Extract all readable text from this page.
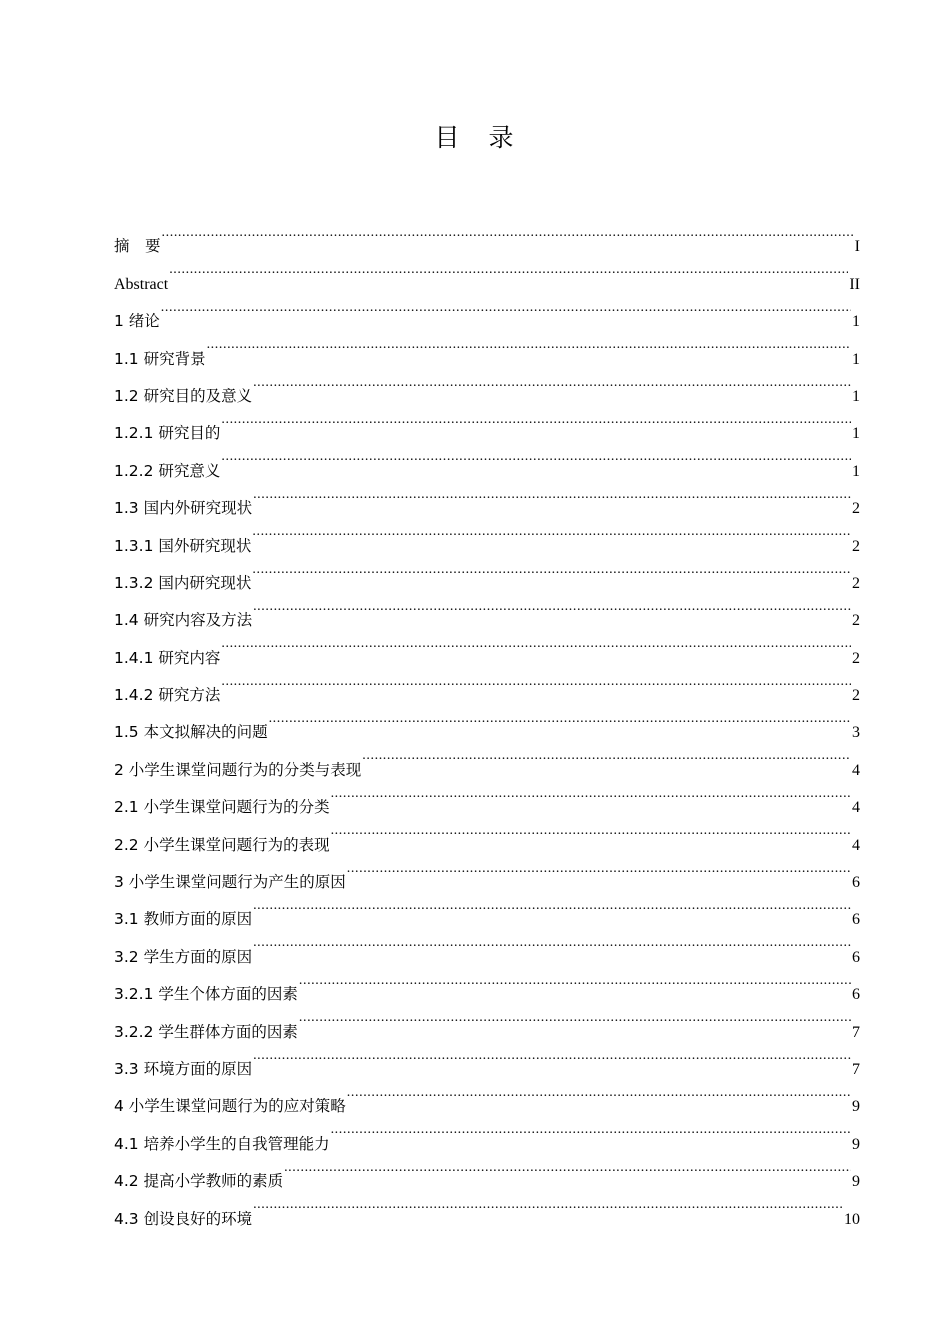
目　录
摘　要 .....	I
Abstract .....	II
1 绪论 .....	1
1.1 研究背景 .....	1
1.2 研究目的及意义 .....	1
1.2.1 研究目的 .....	1
1.2.2 研究意义 .....	1
1.3 国内外研究现状 .....	2
1.3.1 国外研究现状 .....	2
1.3.2 国内研究现状 .....	2
1.4 研究内容及方法 .....	2
1.4.1 研究内容 .....	2
1.4.2 研究方法 .....	2
1.5 本文拟解决的问题 .....	3
2 小学生课堂问题行为的分类与表现 .....	4
2.1 小学生课堂问题行为的分类 .....	4
2.2 小学生课堂问题行为的表现 .....	4
3 小学生课堂问题行为产生的原因 .....	6
3.1 教师方面的原因 .....	6
3.2 学生方面的原因 .....	6
3.2.1 学生个体方面的因素 .....	6
3.2.2 学生群体方面的因素 .....	7
3.3 环境方面的原因 .....	7
4 小学生课堂问题行为的应对策略 .....	9
4.1 培养小学生的自我管理能力 .....	9
4.2 提高小学教师的素质 .....	9
4.3 创设良好的环境 .....	10
